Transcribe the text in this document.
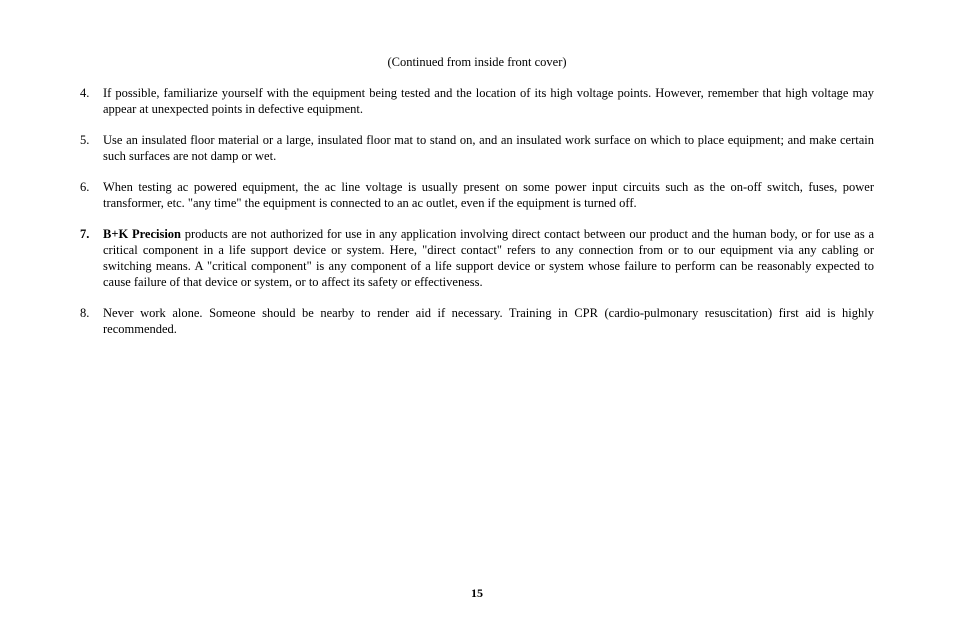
(Continued from inside front cover)
4. If possible, familiarize yourself with the equipment being tested and the location of its high voltage points. However, remember that high voltage may appear at unexpected points in defective equipment.
5. Use an insulated floor material or a large, insulated floor mat to stand on, and an insulated work surface on which to place equipment; and make certain such surfaces are not damp or wet.
6. When testing ac powered equipment, the ac line voltage is usually present on some power input circuits such as the on-off switch, fuses, power transformer, etc. "any time" the equipment is connected to an ac outlet, even if the equipment is turned off.
7. B+K Precision products are not authorized for use in any application involving direct contact between our product and the human body, or for use as a critical component in a life support device or system. Here, "direct contact" refers to any connection from or to our equipment via any cabling or switching means. A "critical component" is any component of a life support device or system whose failure to perform can be reasonably expected to cause failure of that device or system, or to affect its safety or effectiveness.
8. Never work alone. Someone should be nearby to render aid if necessary. Training in CPR (cardio-pulmonary resuscitation) first aid is highly recommended.
15
